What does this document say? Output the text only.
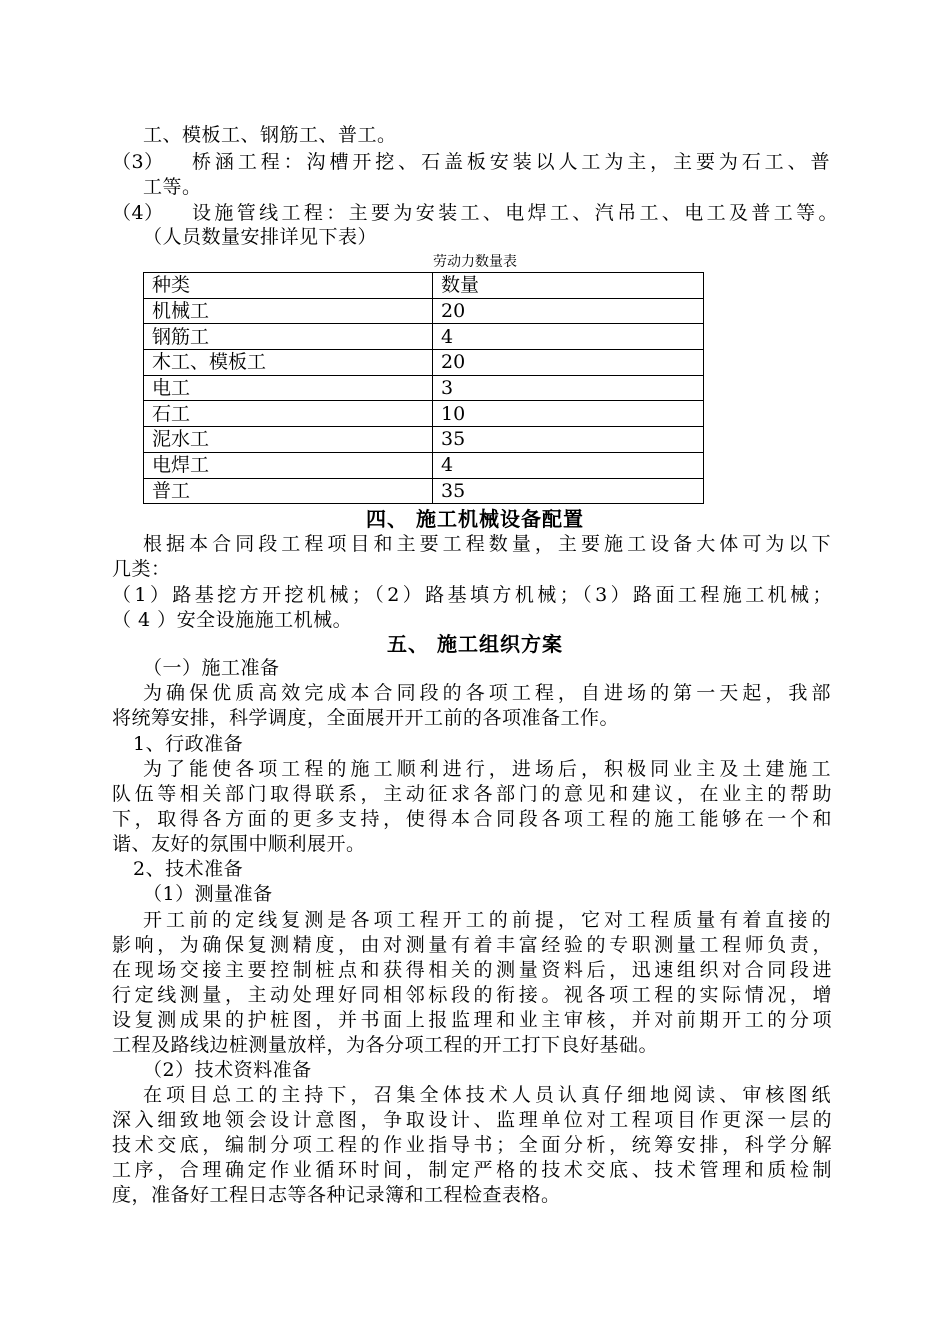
工、模板工、钢筋工、普工。
（3） 桥涵工程：沟槽开挖、石盖板安装以人工为主，主要为石工、普
工等。
（4） 设施管线工程：主要为安装工、电焊工、汽吊工、电工及普工等。
（人员数量安排详见下表）
劳动力数量表
种类	数量
机械工	20
钢筋工	4
木工、模板工	20
电工	3
石工	10
泥水工	35
电焊工	4
普工	35
四、 施工机械设备配置
根据本合同段工程项目和主要工程数量，主要施工设备大体可为以下
几类：
（1）路基挖方开挖机械；（2）路基填方机械；（3）路面工程施工机械；
（ 4 ）安全设施施工机械。
五、 施工组织方案
（一）施工准备
为确保优质高效完成本合同段的各项工程，自进场的第一天起，我部
将统筹安排，科学调度，全面展开开工前的各项准备工作。
1、行政准备
为了能使各项工程的施工顺利进行，进场后，积极同业主及土建施工
队伍等相关部门取得联系，主动征求各部门的意见和建议，在业主的帮助
下，取得各方面的更多支持，使得本合同段各项工程的施工能够在一个和
谐、友好的氛围中顺利展开。
2、技术准备
（1）测量准备
开工前的定线复测是各项工程开工的前提，它对工程质量有着直接的
影响，为确保复测精度，由对测量有着丰富经验的专职测量工程师负责，
在现场交接主要控制桩点和获得相关的测量资料后，迅速组织对合同段进
行定线测量，主动处理好同相邻标段的衔接。视各项工程的实际情况，增
设复测成果的护桩图，并书面上报监理和业主审核，并对前期开工的分项
工程及路线边桩测量放样，为各分项工程的开工打下良好基础。
（2）技术资料准备
在项目总工的主持下，召集全体技术人员认真仔细地阅读、审核图纸
深入细致地领会设计意图，争取设计、监理单位对工程项目作更深一层的
技术交底，编制分项工程的作业指导书；全面分析，统筹安排，科学分解
工序，合理确定作业循环时间，制定严格的技术交底、技术管理和质检制
度，准备好工程日志等各种记录簿和工程检查表格。
